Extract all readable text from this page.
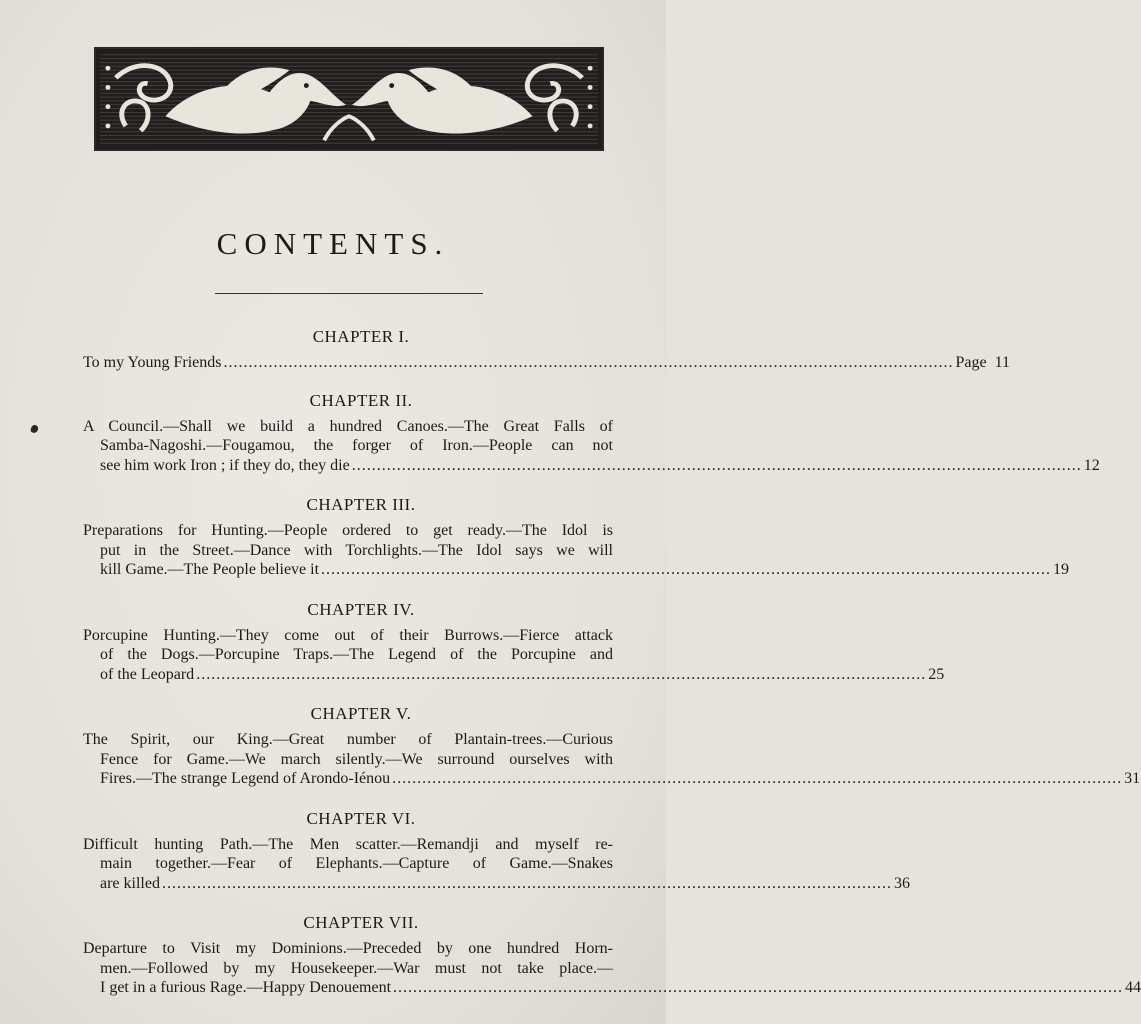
CONTENTS.
CHAPTER I.
To my Young Friends .................................................................................................................................................. Page 11
CHAPTER II.
A Council.—Shall we build a hundred Canoes.—The Great Falls of
Samba-Nagoshi.—Fougamou, the forger of Iron.—People can not
see him work Iron ; if they do, they die .................................................................................................................................................. 12
CHAPTER III.
Preparations for Hunting.—People ordered to get ready.—The Idol is
put in the Street.—Dance with Torchlights.—The Idol says we will
kill Game.—The People believe it .................................................................................................................................................. 19
CHAPTER IV.
Porcupine Hunting.—They come out of their Burrows.—Fierce attack
of the Dogs.—Porcupine Traps.—The Legend of the Porcupine and
of the Leopard .................................................................................................................................................. 25
CHAPTER V.
The Spirit, our King.—Great number of Plantain-trees.—Curious
Fence for Game.—We march silently.—We surround ourselves with
Fires.—The strange Legend of Arondo-Iénou .................................................................................................................................................. 31
CHAPTER VI.
Difficult hunting Path.—The Men scatter.—Remandji and myself re-
main together.—Fear of Elephants.—Capture of Game.—Snakes
are killed .................................................................................................................................................. 36
CHAPTER VII.
Departure to Visit my Dominions.—Preceded by one hundred Horn-
men.—Followed by my Housekeeper.—War must not take place.—
I get in a furious Rage.—Happy Denouement .................................................................................................................................................. 44
